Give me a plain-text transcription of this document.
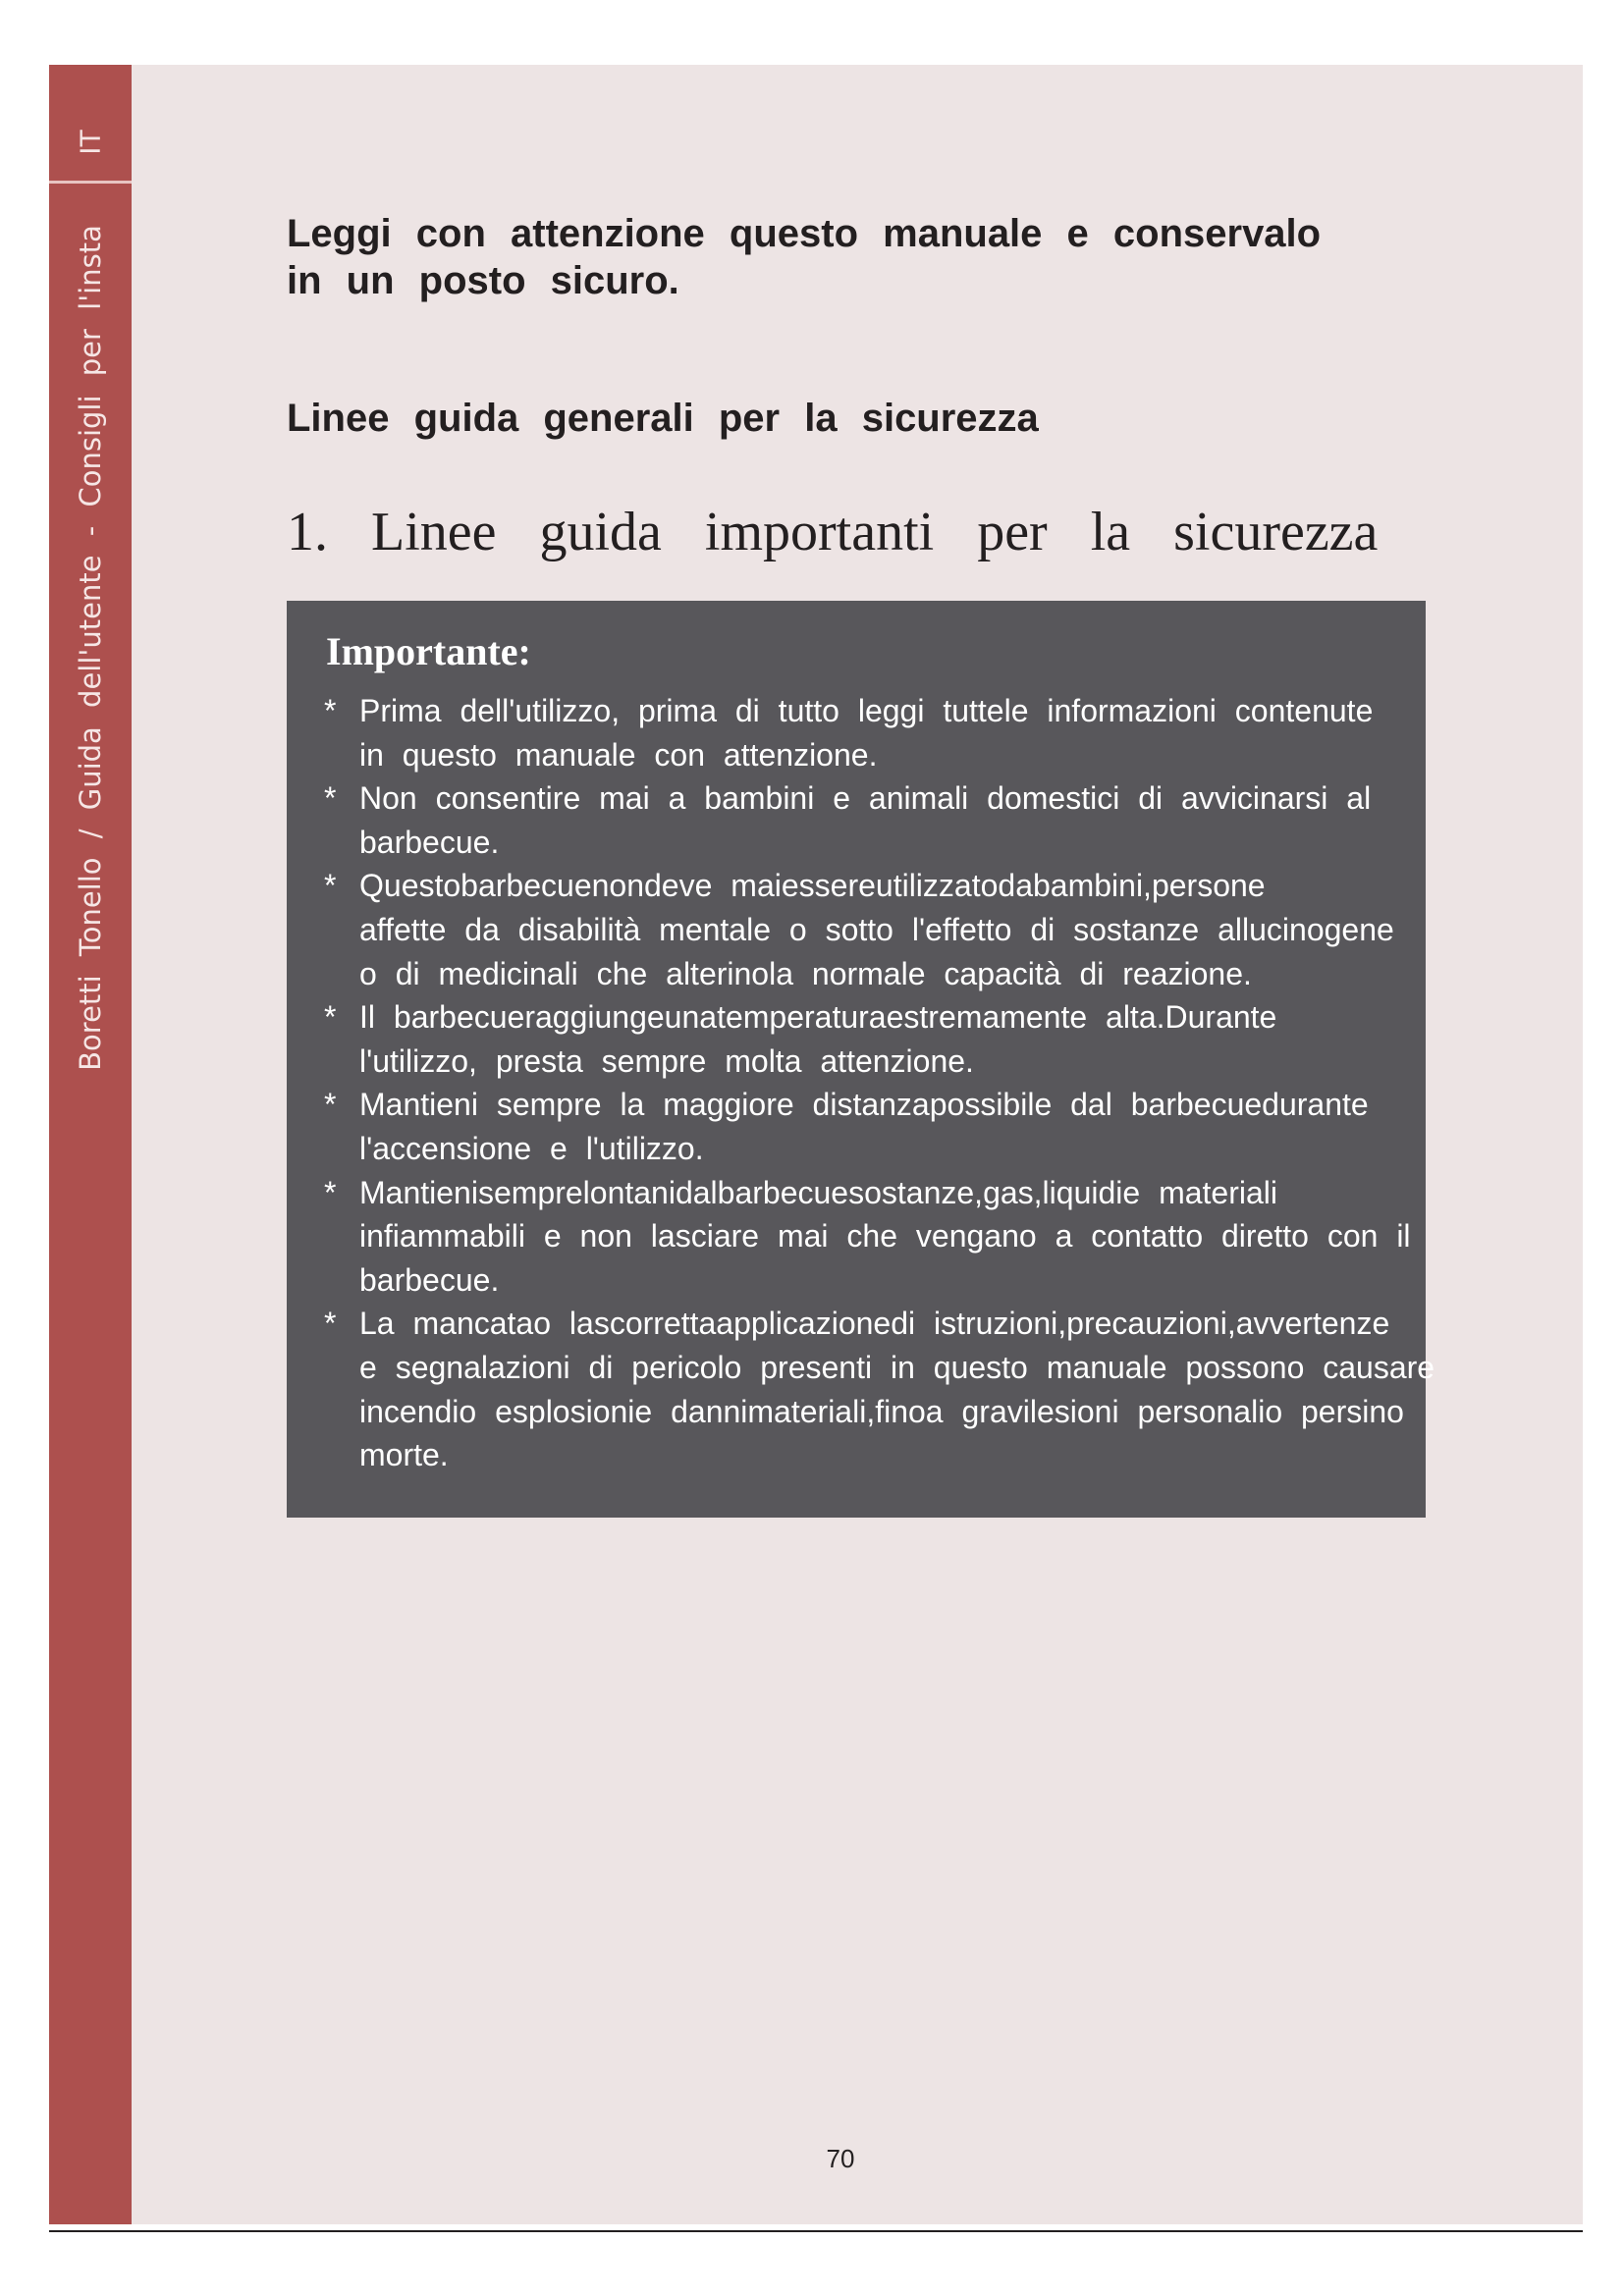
IT
Boretti Tonello / Guida dell'utente - Consigli per l'insta	Leggi con attenzione questo manuale e conservalo
in un posto sicuro.

Linee guida generali per la sicurezza
1. Linee guida importanti per la sicurezza
Importante:
* Prima dell'utilizzo, prima di tutto leggi tuttele informazioni contenute
in questo manuale con attenzione.
* Non consentire mai a bambini e animali domestici di avvicinarsi al
barbecue.
* Questobarbecuenondeve maiessereutilizzatodabambini,persone
affette da disabilità mentale o sotto l'effetto di sostanze allucinogene
o di medicinali che alterinola normale capacità di reazione.
* Il barbecueraggiungeunatemperaturaestremamente alta.Durante
l'utilizzo, presta sempre molta attenzione.
* Mantieni sempre la maggiore distanzapossibile dal barbecuedurante
l'accensione e l'utilizzo.
* Mantienisemprelontanidalbarbecuesostanze,gas,liquidie materiali
infiammabili e non lasciare mai che vengano a contatto diretto con il
barbecue.
* La mancatao lascorrettaapplicazionedi istruzioni,precauzioni,avvertenze
e segnalazioni di pericolo presenti in questo manuale possono causare
incendio esplosionie dannimateriali,finoa gravilesioni personalio persino
morte.
70
